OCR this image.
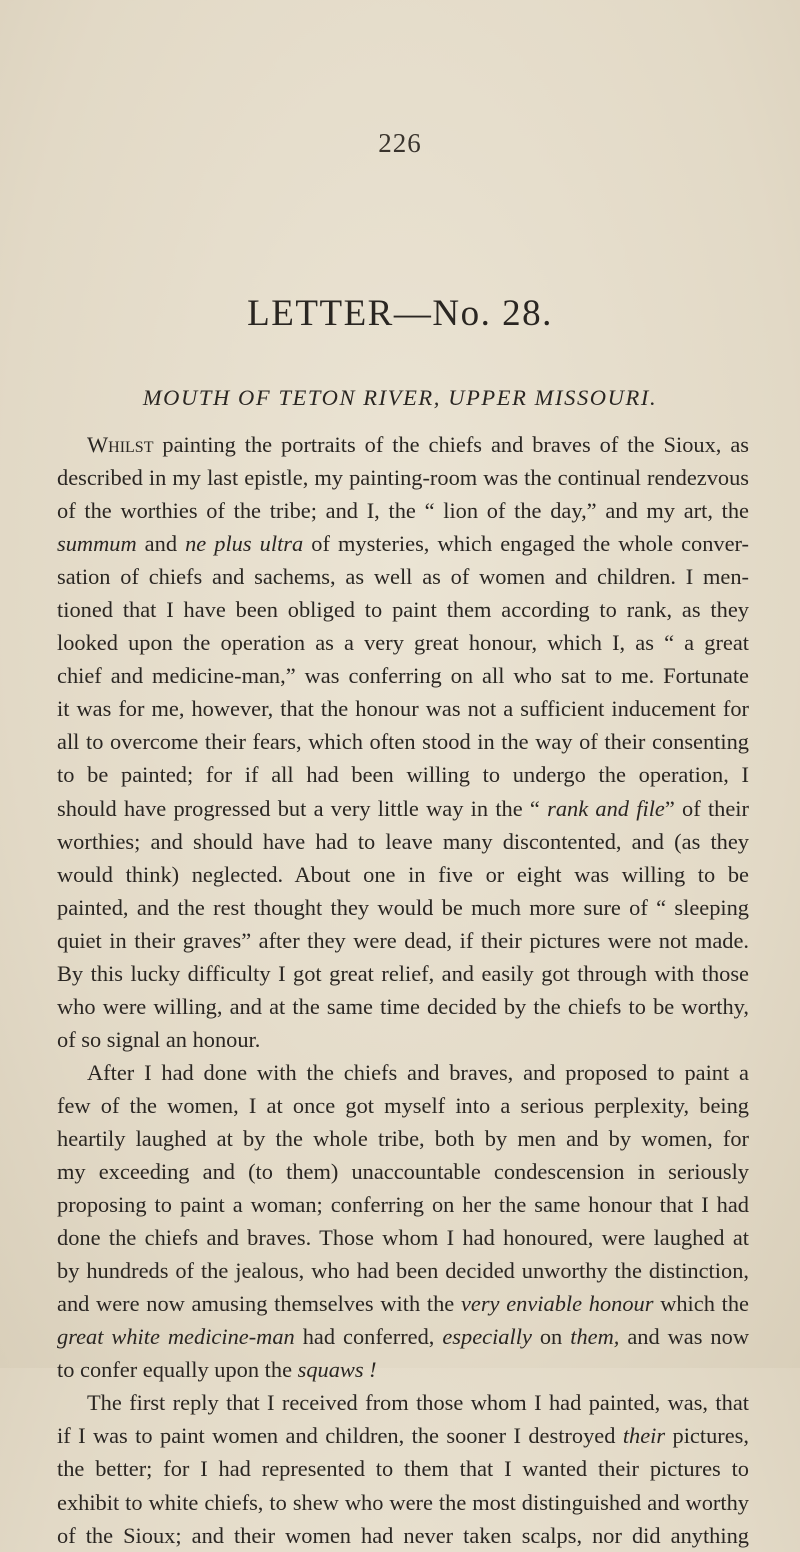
226
LETTER—No. 28.
MOUTH OF TETON RIVER, UPPER MISSOURI.
Whilst painting the portraits of the chiefs and braves of the Sioux, as
described in my last epistle, my painting-room was the continual rendezvous
of the worthies of the tribe; and I, the “ lion of the day,” and my art, the
summum and ne plus ultra of mysteries, which engaged the whole conver-
sation of chiefs and sachems, as well as of women and children. I men-
tioned that I have been obliged to paint them according to rank, as they
looked upon the operation as a very great honour, which I, as “ a great
chief and medicine-man,” was conferring on all who sat to me. Fortunate
it was for me, however, that the honour was not a sufficient inducement for
all to overcome their fears, which often stood in the way of their consenting
to be painted; for if all had been willing to undergo the operation, I
should have progressed but a very little way in the “ rank and file” of their
worthies; and should have had to leave many discontented, and (as they
would think) neglected. About one in five or eight was willing to be
painted, and the rest thought they would be much more sure of “ sleeping
quiet in their graves” after they were dead, if their pictures were not made.
By this lucky difficulty I got great relief, and easily got through with those
who were willing, and at the same time decided by the chiefs to be worthy,
of so signal an honour.
After I had done with the chiefs and braves, and proposed to paint a
few of the women, I at once got myself into a serious perplexity, being
heartily laughed at by the whole tribe, both by men and by women, for
my exceeding and (to them) unaccountable condescension in seriously
proposing to paint a woman; conferring on her the same honour that I had
done the chiefs and braves. Those whom I had honoured, were laughed at
by hundreds of the jealous, who had been decided unworthy the distinction,
and were now amusing themselves with the very enviable honour which the
great white medicine-man had conferred, especially on them, and was now
to confer equally upon the squaws !
The first reply that I received from those whom I had painted, was, that
if I was to paint women and children, the sooner I destroyed their pictures,
the better; for I had represented to them that I wanted their pictures to
exhibit to white chiefs, to shew who were the most distinguished and worthy
of the Sioux; and their women had never taken scalps, nor did anything
